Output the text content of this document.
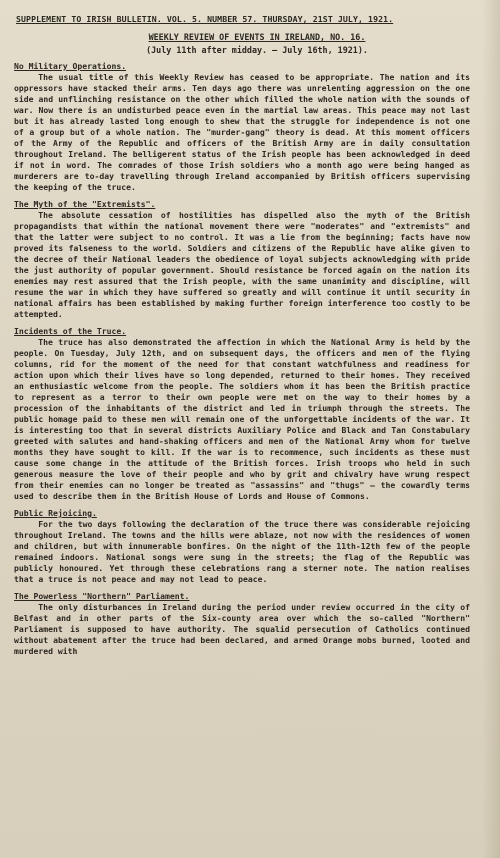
SUPPLEMENT TO IRISH BULLETIN. VOL. 5. NUMBER 57. THURSDAY, 21ST JULY, 1921.
WEEKLY REVIEW OF EVENTS IN IRELAND, NO. 16.
(July 11th after midday. — July 16th, 1921).
No Military Operations.

The usual title of this Weekly Review has ceased to be appropriate. The nation and its oppressors have stacked their arms. Ten days ago there was unrelenting aggression on the one side and unflinching resistance on the other which filled the whole nation with the sounds of war. Now there is an undisturbed peace even in the martial law areas. This peace may not last but it has already lasted long enough to shew that the struggle for independence is not one of a group but of a whole nation. The "murder-gang" theory is dead. At this moment officers of the Army of the Republic and officers of the British Army are in daily consultation throughout Ireland. The belligerent status of the Irish people has been acknowledged in deed if not in word. The comrades of those Irish soldiers who a month ago were being hanged as murderers are to-day travelling through Ireland accompanied by British officers supervising the keeping of the truce.

The Myth of the "Extremists".

The absolute cessation of hostilities has dispelled also the myth of the British propagandists that within the national movement there were "moderates" and "extremists" and that the latter were subject to no control. It was a lie from the beginning; facts have now proved its falseness to the world. Soldiers and citizens of the Republic have alike given to the decree of their National leaders the obedience of loyal subjects acknowledging with pride the just authority of popular government. Should resistance be forced again on the nation its enemies may rest assured that the Irish people, with the same unanimity and discipline, will resume the war in which they have suffered so greatly and will continue it until security in national affairs has been established by making further foreign interference too costly to be attempted.

Incidents of the Truce.

The truce has also demonstrated the affection in which the National Army is held by the people. On Tuesday, July 12th, and on subsequent days, the officers and men of the flying columns, rid for the moment of the need for that constant watchfulness and readiness for action upon which their lives have so long depended, returned to their homes. They received an enthusiastic welcome from the people. The soldiers whom it has been the British practice to represent as a terror to their own people were met on the way to their homes by a procession of the inhabitants of the district and led in triumph through the streets. The public homage paid to these men will remain one of the unforgettable incidents of the war. It is interesting too that in several districts Auxiliary Police and Black and Tan Constabulary greeted with salutes and hand-shaking officers and men of the National Army whom for twelve months they have sought to kill. If the war is to recommence, such incidents as these must cause some change in the attitude of the British forces. Irish troops who held in such generous measure the love of their people and who by grit and chivalry have wrung respect from their enemies can no longer be treated as "assassins" and "thugs" — the cowardly terms used to describe them in the British House of Lords and House of Commons.

Public Rejoicing.

For the two days following the declaration of the truce there was considerable rejoicing throughout Ireland. The towns and the hills were ablaze, not now with the residences of women and children, but with innumerable bonfires. On the night of the 11th-12th few of the people remained indoors. National songs were sung in the streets; the flag of the Republic was publicly honoured. Yet through these celebrations rang a sterner note. The nation realises that a truce is not peace and may not lead to peace.

The Powerless "Northern" Parliament.

The only disturbances in Ireland during the period under review occurred in the city of Belfast and in other parts of the Six-county area over which the so-called "Northern" Parliament is supposed to have authority. The squalid persecution of Catholics continued without abatement after the truce had been declared, and armed Orange mobs burned, looted and murdered with
